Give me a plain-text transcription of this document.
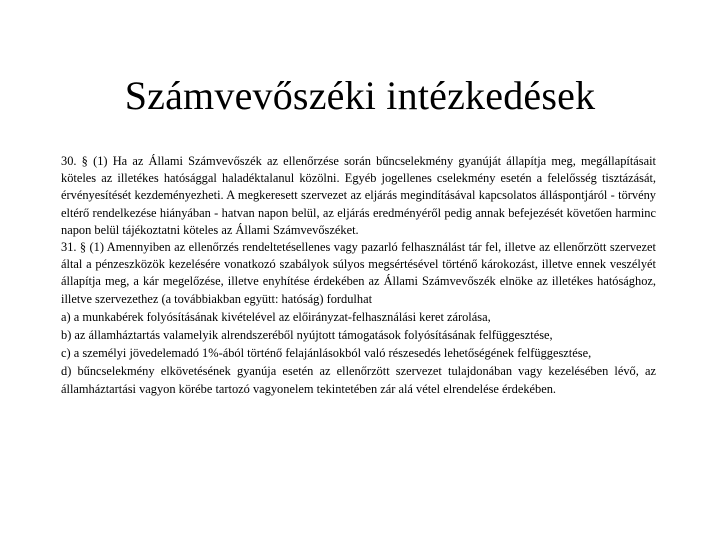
Számvevőszéki intézkedések

30. § (1) Ha az Állami Számvevőszék az ellenőrzése során bűncselekmény gyanúját állapítja meg, megállapításait köteles az illetékes hatósággal haladéktalanul közölni. Egyéb jogellenes cselekmény esetén a felelősség tisztázását, érvényesítését kezdeményezheti. A megkeresett szervezet az eljárás megindításával kapcsolatos álláspontjáról - törvény eltérő rendelkezése hiányában - hatvan napon belül, az eljárás eredményéről pedig annak befejezését követően harminc napon belül tájékoztatni köteles az Állami Számvevőszéket.

31. § (1) Amennyiben az ellenőrzés rendeltetésellenes vagy pazarló felhasználást tár fel, illetve az ellenőrzött szervezet által a pénzeszközök kezelésére vonatkozó szabályok súlyos megsértésével történő károkozást, illetve ennek veszélyét állapítja meg, a kár megelőzése, illetve enyhítése érdekében az Állami Számvevőszék elnöke az illetékes hatósághoz, illetve szervezethez (a továbbiakban együtt: hatóság) fordulhat

a) a munkabérek folyósításának kivételével az előirányzat-felhasználási keret zárolása,

b) az államháztartás valamelyik alrendszeréből nyújtott támogatások folyósításának felfüggesztése,

c) a személyi jövedelemadó 1%-ából történő felajánlásokból való részesedés lehetőségének felfüggesztése,

d) bűncselekmény elkövetésének gyanúja esetén az ellenőrzött szervezet tulajdonában vagy kezelésében lévő, az államháztartási vagyon körébe tartozó vagyonelem tekintetében zár alá vétel elrendelése érdekében.
